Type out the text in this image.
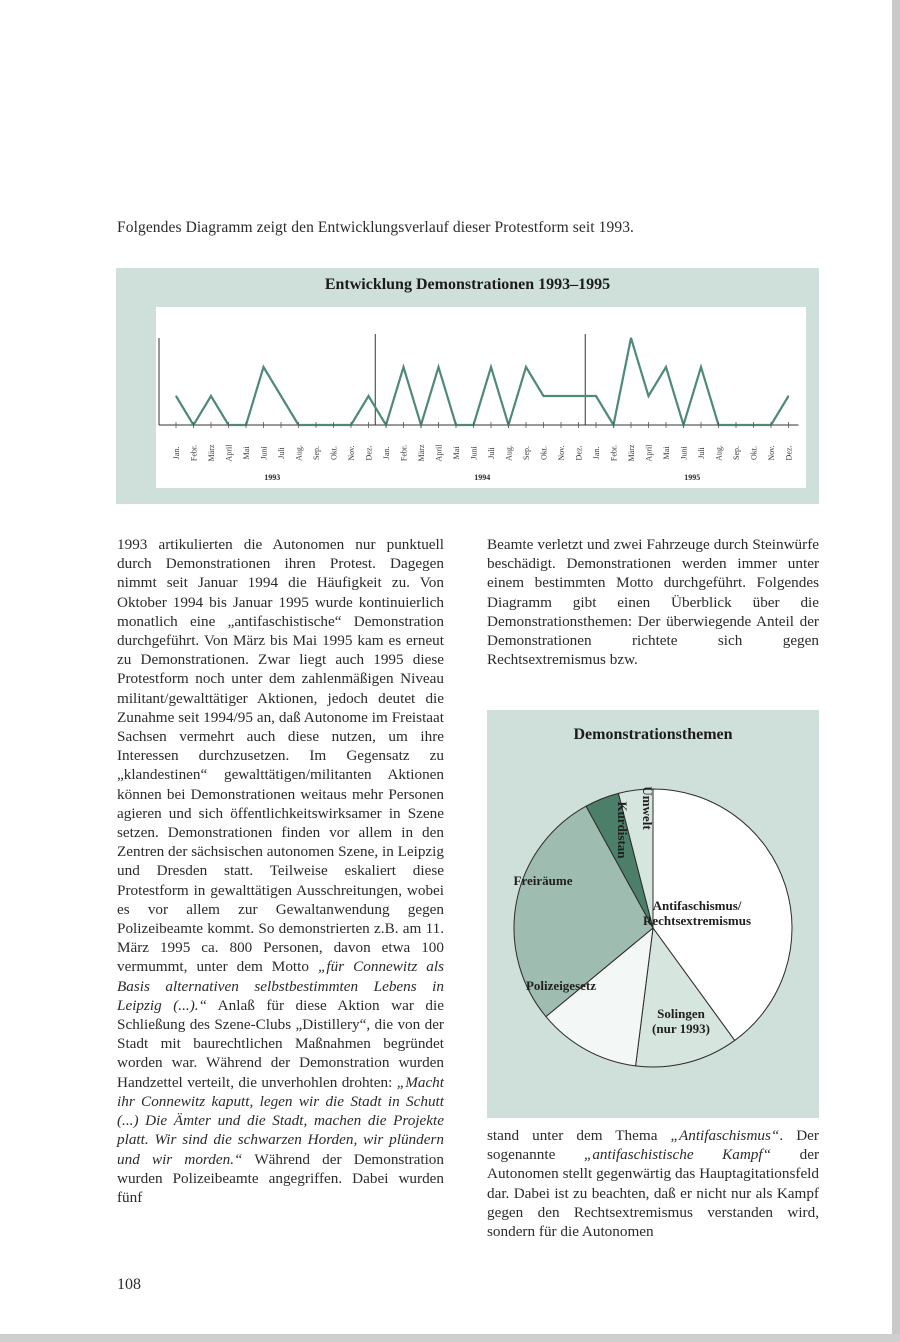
Folgendes Diagramm zeigt den Entwicklungsverlauf dieser Protestform seit 1993.
Entwicklung Demonstrationen 1993–1995
Jan. Febr. März April Mai Juni Juli Aug. Sep. Okt. Nov. Dez. Jan. Febr. März April Mai Juni Juli Aug. Sep. Okt. Nov. Dez. Jan. Febr. März April Mai Juni Juli Aug. Sep. Okt. Nov. Dez.
1993	1994	1995

1993 artikulierten die Autonomen nur punktuell durch Demonstrationen ihren Protest. Dagegen nimmt seit Januar 1994 die Häufigkeit zu. Von Oktober 1994 bis Januar 1995 wurde kontinuierlich monatlich eine „antifaschistische“ Demonstration durchgeführt. Von März bis Mai 1995 kam es erneut zu Demonstrationen. Zwar liegt auch 1995 diese Protestform noch unter dem zahlenmäßigen Niveau militant/gewalttätiger Aktionen, jedoch deutet die Zunahme seit 1994/95 an, daß Autonome im Freistaat Sachsen vermehrt auch diese nutzen, um ihre Interessen durchzusetzen. Im Gegensatz zu „klandestinen“ gewalttätigen/militanten Aktionen können bei Demonstrationen weitaus mehr Personen agieren und sich öffentlichkeitswirksamer in Szene setzen. Demonstrationen finden vor allem in den Zentren der sächsischen autonomen Szene, in Leipzig und Dresden statt. Teilweise eskaliert diese Protestform in gewalttätigen Ausschreitungen, wobei es vor allem zur Gewaltanwendung gegen Polizeibeamte kommt. So demonstrierten z.B. am 11. März 1995 ca. 800 Personen, davon etwa 100 vermummt, unter dem Motto „für Connewitz als Basis alternativen selbstbestimmten Lebens in Leipzig (...).“ Anlaß für diese Aktion war die Schließung des Szene-Clubs „Distillery“, die von der Stadt mit baurechtlichen Maßnahmen begründet worden war. Während der Demonstration wurden Handzettel verteilt, die unverhohlen drohten: „Macht ihr Connewitz kaputt, legen wir die Stadt in Schutt (...) Die Ämter und die Stadt, machen die Projekte platt. Wir sind die schwarzen Horden, wir plündern und wir morden.“ Während der Demonstration wurden Polizeibeamte angegriffen. Dabei wurden fünf

Beamte verletzt und zwei Fahrzeuge durch Steinwürfe beschädigt. Demonstrationen werden immer unter einem bestimmten Motto durchgeführt. Folgendes Diagramm gibt einen Überblick über die Demonstrationsthemen: Der überwiegende Anteil der Demonstrationen richtete sich gegen Rechtsextremismus bzw.

Demonstrationsthemen
Antifaschismus/ Rechtsextremismus
Solingen (nur 1993)
Polizeigesetz
Freiräume
Kurdistan Umwelt

stand unter dem Thema „Antifaschismus“. Der sogenannte „antifaschistische Kampf“ der Autonomen stellt gegenwärtig das Hauptagitationsfeld dar. Dabei ist zu beachten, daß er nicht nur als Kampf gegen den Rechtsextremismus verstanden wird, sondern für die Autonomen

108
